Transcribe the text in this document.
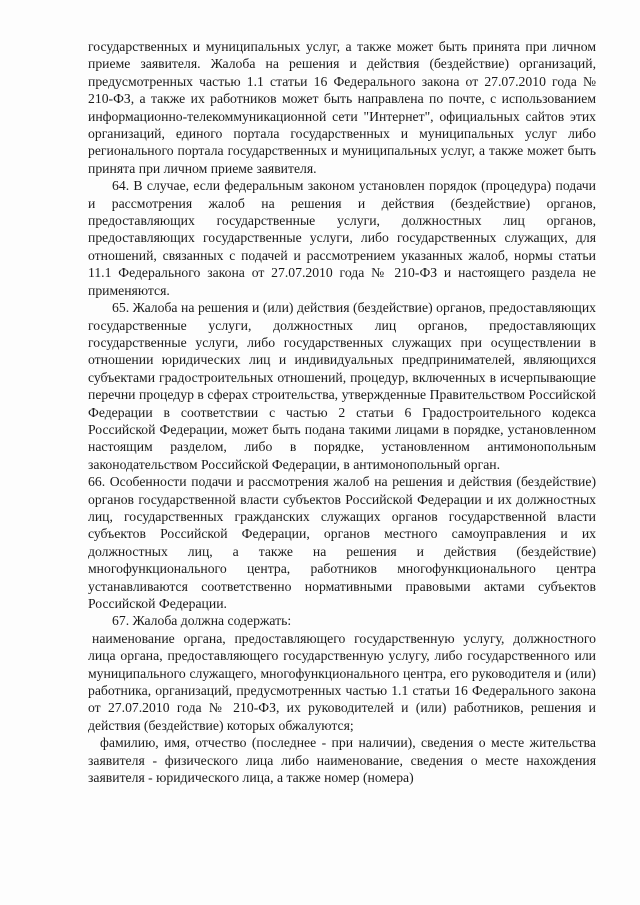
государственных и муниципальных услуг, а также может быть принята при личном приеме заявителя. Жалоба на решения и действия (бездействие) организаций, предусмотренных частью 1.1 статьи 16 Федерального закона от 27.07.2010 года № 210-ФЗ, а также их работников может быть направлена по почте, с использованием информационно-телекоммуникационной сети "Интернет", официальных сайтов этих организаций, единого портала государственных и муниципальных услуг либо регионального портала государственных и муниципальных услуг, а также может быть принята при личном приеме заявителя.

64. В случае, если федеральным законом установлен порядок (процедура) подачи и рассмотрения жалоб на решения и действия (бездействие) органов, предоставляющих государственные услуги, должностных лиц органов, предоставляющих государственные услуги, либо государственных служащих, для отношений, связанных с подачей и рассмотрением указанных жалоб, нормы статьи 11.1 Федерального закона от 27.07.2010 года № 210-ФЗ и настоящего раздела не применяются.

65. Жалоба на решения и (или) действия (бездействие) органов, предоставляющих государственные услуги, должностных лиц органов, предоставляющих государственные услуги, либо государственных служащих при осуществлении в отношении юридических лиц и индивидуальных предпринимателей, являющихся субъектами градостроительных отношений, процедур, включенных в исчерпывающие перечни процедур в сферах строительства, утвержденные Правительством Российской Федерации в соответствии с частью 2 статьи 6 Градостроительного кодекса Российской Федерации, может быть подана такими лицами в порядке, установленном настоящим разделом, либо в порядке, установленном антимонопольным законодательством Российской Федерации, в антимонопольный орган.

66. Особенности подачи и рассмотрения жалоб на решения и действия (бездействие) органов государственной власти субъектов Российской Федерации и их должностных лиц, государственных гражданских служащих органов государственной власти субъектов Российской Федерации, органов местного самоуправления и их должностных лиц, а также на решения и действия (бездействие) многофункционального центра, работников многофункционального центра устанавливаются соответственно нормативными правовыми актами субъектов Российской Федерации.

67. Жалоба должна содержать:

наименование органа, предоставляющего государственную услугу, должностного лица органа, предоставляющего государственную услугу, либо государственного или муниципального служащего, многофункционального центра, его руководителя и (или) работника, организаций, предусмотренных частью 1.1 статьи 16 Федерального закона от 27.07.2010 года № 210-ФЗ, их руководителей и (или) работников, решения и действия (бездействие) которых обжалуются;

фамилию, имя, отчество (последнее - при наличии), сведения о месте жительства заявителя - физического лица либо наименование, сведения о месте нахождения заявителя - юридического лица, а также номер (номера)
